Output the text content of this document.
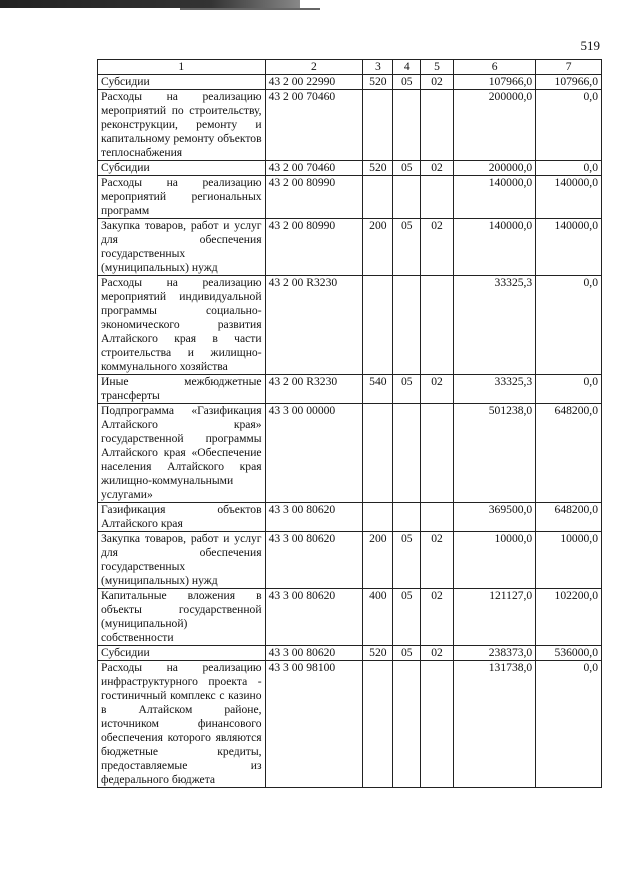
519
1	2	3	4	5	6	7
Субсидии	43 2 00 22990	520	05	02	107966,0	107966,0
Расходы на реализацию мероприятий по строительству, реконструкции, ремонту и капитальному ремонту объектов теплоснабжения	43 2 00 70460				200000,0	0,0
Субсидии	43 2 00 70460	520	05	02	200000,0	0,0
Расходы на реализацию мероприятий региональных программ	43 2 00 80990				140000,0	140000,0
Закупка товаров, работ и услуг для обеспечения государственных (муниципальных) нужд	43 2 00 80990	200	05	02	140000,0	140000,0
Расходы на реализацию мероприятий индивидуальной программы социально-экономического развития Алтайского края в части строительства и жилищно-коммунального хозяйства	43 2 00 R3230				33325,3	0,0
Иные межбюджетные трансферты	43 2 00 R3230	540	05	02	33325,3	0,0
Подпрограмма «Газификация Алтайского края» государственной программы Алтайского края «Обеспечение населения Алтайского края жилищно-коммунальными услугами»	43 3 00 00000				501238,0	648200,0
Газификация объектов Алтайского края	43 3 00 80620				369500,0	648200,0
Закупка товаров, работ и услуг для обеспечения государственных (муниципальных) нужд	43 3 00 80620	200	05	02	10000,0	10000,0
Капитальные вложения в объекты государственной (муниципальной) собственности	43 3 00 80620	400	05	02	121127,0	102200,0
Субсидии	43 3 00 80620	520	05	02	238373,0	536000,0
Расходы на реализацию инфраструктурного проекта - гостиничный комплекс с казино в Алтайском районе, источником финансового обеспечения которого являются бюджетные кредиты, предоставляемые из федерального бюджета	43 3 00 98100				131738,0	0,0
